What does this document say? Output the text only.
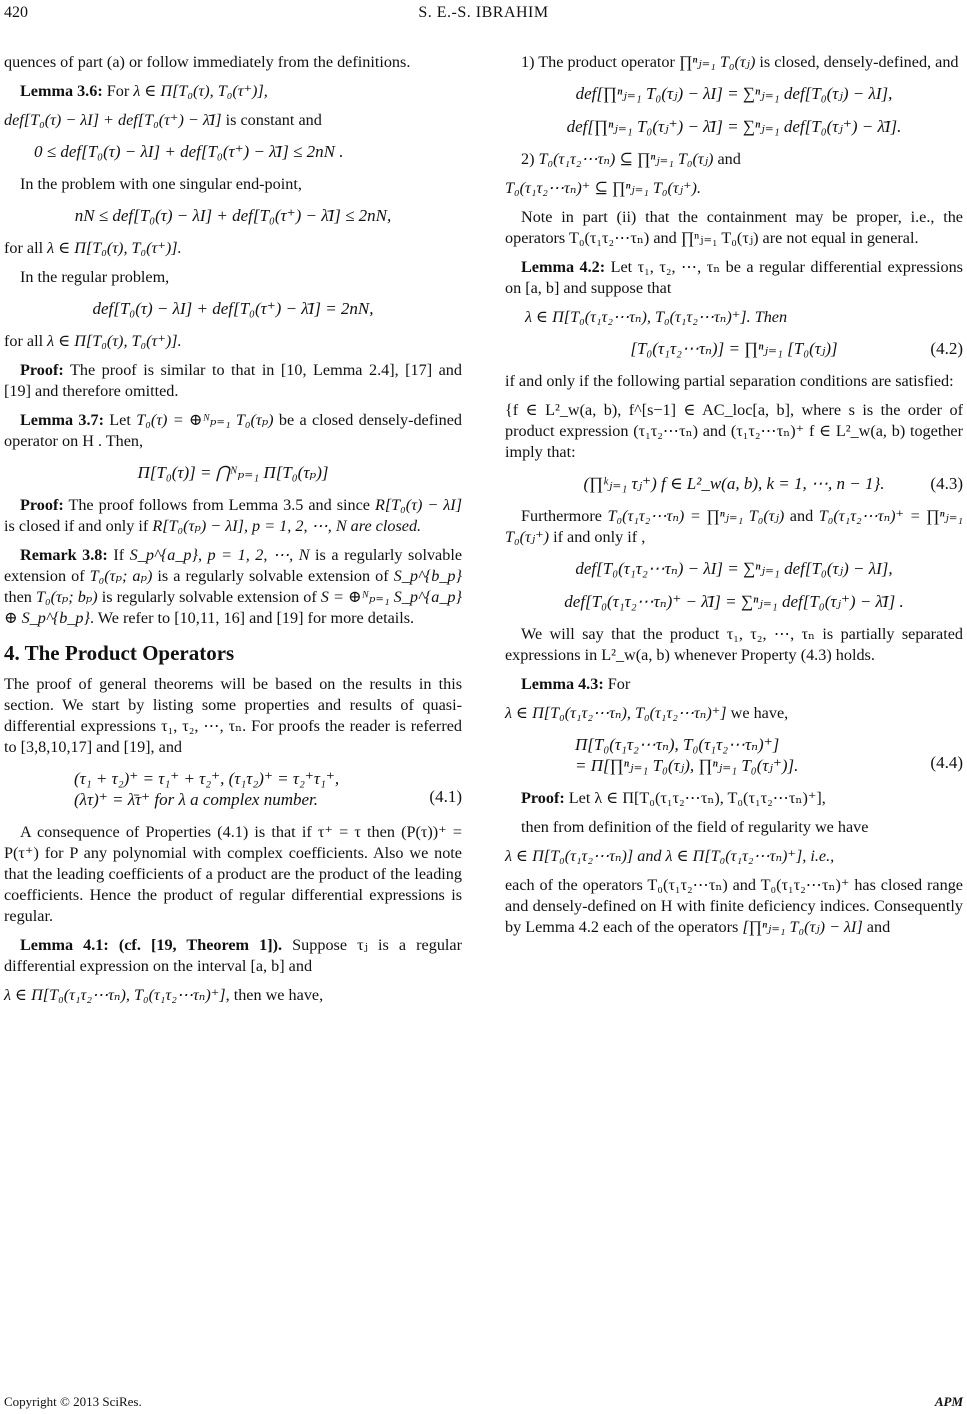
420	S. E.-S. IBRAHIM

quences of part (a) or follow immediately from the definitions.

Lemma 3.6: For λ ∈ Π[T₀(τ), T₀(τ⁺)],

def[T₀(τ) − λI] + def[T₀(τ⁺) − λ̄I] is constant and

0 ≤ def[T₀(τ) − λI] + def[T₀(τ⁺) − λ̄I] ≤ 2nN .

In the problem with one singular end-point,

nN ≤ def[T₀(τ) − λI] + def[T₀(τ⁺) − λ̄I] ≤ 2nN,

for all λ ∈ Π[T₀(τ), T₀(τ⁺)].

In the regular problem,

def[T₀(τ) − λI] + def[T₀(τ⁺) − λ̄I] = 2nN,

for all λ ∈ Π[T₀(τ), T₀(τ⁺)].

Proof: The proof is similar to that in [10, Lemma 2.4], [17] and [19] and therefore omitted.

Lemma 3.7: Let T₀(τ) = ⊕ᴺₚ₌₁ T₀(τₚ) be a closed densely-defined operator on H . Then,

Π[T₀(τ)] = ⋂ᴺₚ₌₁ Π[T₀(τₚ)]

Proof: The proof follows from Lemma 3.5 and since R[T₀(τ) − λI] is closed if and only if R[T₀(τₚ) − λI], p = 1, 2, ⋯, N are closed.

Remark 3.8: If S_p^{a_p}, p = 1, 2, ⋯, N is a regularly solvable extension of T₀(τₚ; aₚ) is a regularly solvable extension of S_p^{b_p} then T₀(τₚ; bₚ) is regularly solvable extension of S = ⊕ᴺₚ₌₁ S_p^{a_p} ⊕ S_p^{b_p}. We refer to [10,11, 16] and [19] for more details.

4. The Product Operators

The proof of general theorems will be based on the results in this section. We start by listing some properties and results of quasi-differential expressions τ₁, τ₂, ⋯, τₙ. For proofs the reader is referred to [3,8,10,17] and [19], and

(τ₁ + τ₂)⁺ = τ₁⁺ + τ₂⁺, (τ₁τ₂)⁺ = τ₂⁺τ₁⁺,
(λτ)⁺ = λ̄τ⁺ for λ a complex number.	(4.1)

A consequence of Properties (4.1) is that if τ⁺ = τ then (P(τ))⁺ = P(τ⁺) for P any polynomial with complex coefficients. Also we note that the leading coefficients of a product are the product of the leading coefficients. Hence the product of regular differential expressions is regular.

Lemma 4.1: (cf. [19, Theorem 1]). Suppose τⱼ is a regular differential expression on the interval [a, b] and

λ ∈ Π[T₀(τ₁τ₂⋯τₙ), T₀(τ₁τ₂⋯τₙ)⁺], then we have,

1) The product operator ∏ⁿⱼ₌₁ T₀(τⱼ) is closed, densely-defined, and

def[∏ⁿⱼ₌₁ T₀(τⱼ) − λI] = ∑ⁿⱼ₌₁ def[T₀(τⱼ) − λI],
def[∏ⁿⱼ₌₁ T₀(τⱼ⁺) − λ̄I] = ∑ⁿⱼ₌₁ def[T₀(τⱼ⁺) − λ̄I].

2) T₀(τ₁τ₂⋯τₙ) ⊆ ∏ⁿⱼ₌₁ T₀(τⱼ) and

T₀(τ₁τ₂⋯τₙ)⁺ ⊆ ∏ⁿⱼ₌₁ T₀(τⱼ⁺).

Note in part (ii) that the containment may be proper, i.e., the operators T₀(τ₁τ₂⋯τₙ) and ∏ⁿⱼ₌₁ T₀(τⱼ) are not equal in general.

Lemma 4.2: Let τ₁, τ₂, ⋯, τₙ be a regular differential expressions on [a, b] and suppose that

λ ∈ Π[T₀(τ₁τ₂⋯τₙ), T₀(τ₁τ₂⋯τₙ)⁺]. Then

[T₀(τ₁τ₂⋯τₙ)] = ∏ⁿⱼ₌₁ [T₀(τⱼ)]	(4.2)

if and only if the following partial separation conditions are satisfied:

{f ∈ L²_w(a, b), f^[s−1] ∈ AC_loc[a, b], where s is the order of product expression (τ₁τ₂⋯τₙ) and (τ₁τ₂⋯τₙ)⁺ f ∈ L²_w(a, b) together imply that:

(∏ᵏⱼ₌₁ τⱼ⁺) f ∈ L²_w(a, b), k = 1, ⋯, n − 1}.	(4.3)

Furthermore T₀(τ₁τ₂⋯τₙ) = ∏ⁿⱼ₌₁ T₀(τⱼ) and T₀(τ₁τ₂⋯τₙ)⁺ = ∏ⁿⱼ₌₁ T₀(τⱼ⁺) if and only if ,

def[T₀(τ₁τ₂⋯τₙ) − λI] = ∑ⁿⱼ₌₁ def[T₀(τⱼ) − λI],
def[T₀(τ₁τ₂⋯τₙ)⁺ − λ̄I] = ∑ⁿⱼ₌₁ def[T₀(τⱼ⁺) − λ̄I] .

We will say that the product τ₁, τ₂, ⋯, τₙ is partially separated expressions in L²_w(a, b) whenever Property (4.3) holds.

Lemma 4.3: For

λ ∈ Π[T₀(τ₁τ₂⋯τₙ), T₀(τ₁τ₂⋯τₙ)⁺] we have,

Π[T₀(τ₁τ₂⋯τₙ), T₀(τ₁τ₂⋯τₙ)⁺]
= Π[∏ⁿⱼ₌₁ T₀(τⱼ), ∏ⁿⱼ₌₁ T₀(τⱼ⁺)].	(4.4)

Proof: Let λ ∈ Π[T₀(τ₁τ₂⋯τₙ), T₀(τ₁τ₂⋯τₙ)⁺],

then from definition of the field of regularity we have

λ ∈ Π[T₀(τ₁τ₂⋯τₙ)] and λ ∈ Π[T₀(τ₁τ₂⋯τₙ)⁺], i.e.,

each of the operators T₀(τ₁τ₂⋯τₙ) and T₀(τ₁τ₂⋯τₙ)⁺ has closed range and densely-defined on H with finite deficiency indices. Consequently by Lemma 4.2 each of the operators [∏ⁿⱼ₌₁ T₀(τⱼ) − λI] and

Copyright © 2013 SciRes.	APM
